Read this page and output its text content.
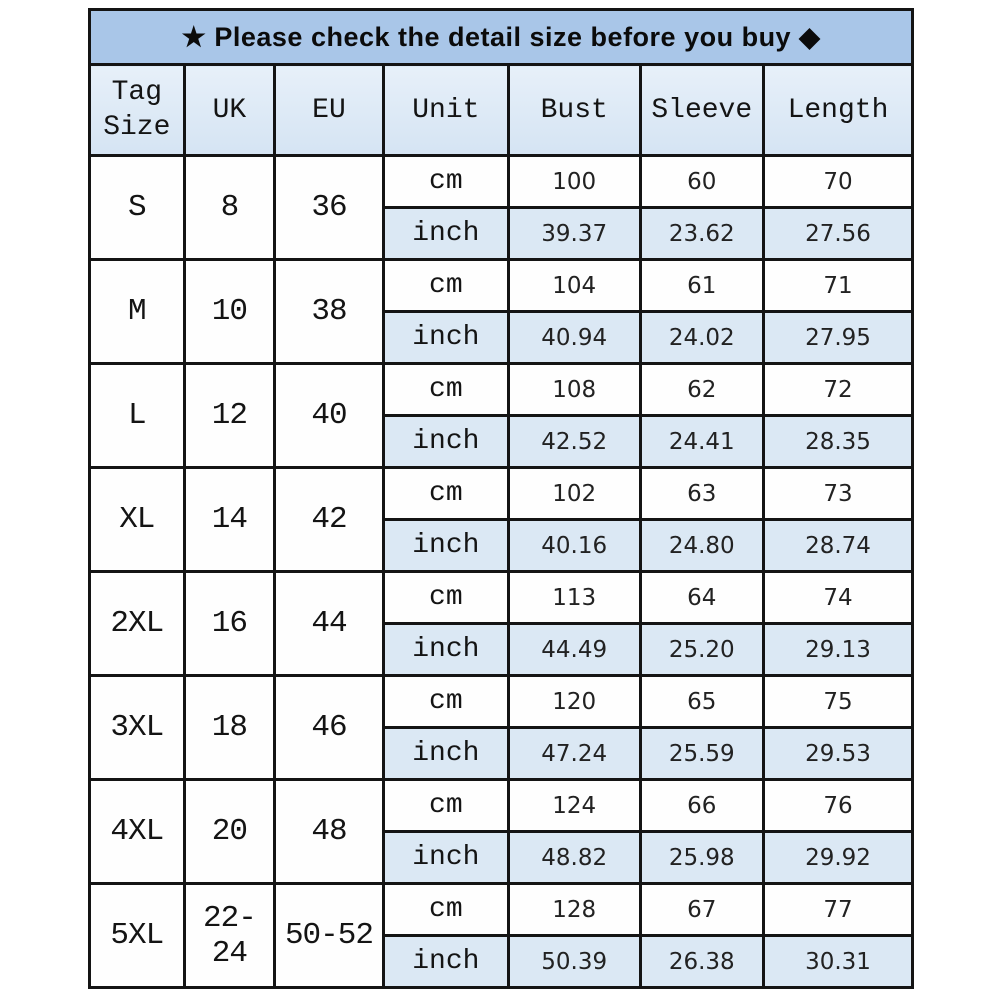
★ Please check the detail size before you buy ◆						
Tag Size	UK	EU	Unit	Bust	Sleeve	Length
S	8	36	cm	100	60	70
			inch	39.37	23.62	27.56
M	10	38	cm	104	61	71
			inch	40.94	24.02	27.95
L	12	40	cm	108	62	72
			inch	42.52	24.41	28.35
XL	14	42	cm	102	63	73
			inch	40.16	24.80	28.74
2XL	16	44	cm	113	64	74
			inch	44.49	25.20	29.13
3XL	18	46	cm	120	65	75
			inch	47.24	25.59	29.53
4XL	20	48	cm	124	66	76
			inch	48.82	25.98	29.92
5XL	22-24	50-52	cm	128	67	77
			inch	50.39	26.38	30.31
